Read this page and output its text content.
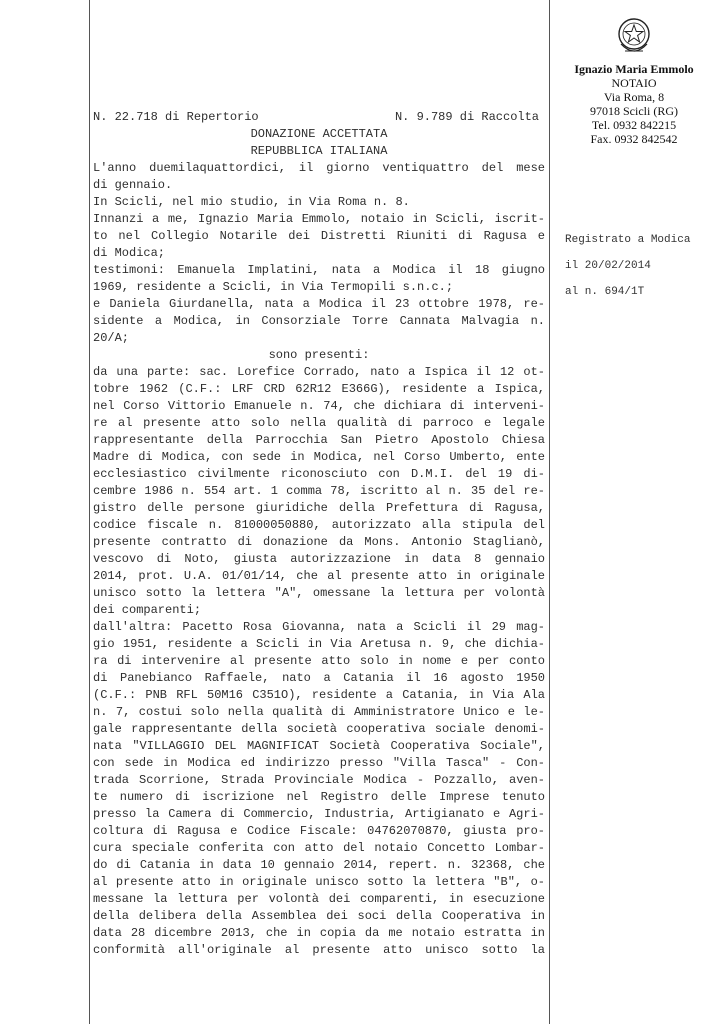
Ignazio Maria Emmolo
NOTAIO
Via Roma, 8
97018 Scicli (RG)
Tel. 0932 842215
Fax. 0932 842542
Registrato a Modica
il 20/02/2014
al n. 694/1T
N. 22.718 di Repertorio	N. 9.789 di Raccolta
DONAZIONE ACCETTATA
REPUBBLICA ITALIANA
L'anno duemilaquattordici, il giorno ventiquattro del mese
di gennaio.
In Scicli, nel mio studio, in Via Roma n. 8.
Innanzi a me, Ignazio Maria Emmolo, notaio in Scicli, iscrit-
to nel Collegio Notarile dei Distretti Riuniti di Ragusa e
di Modica;
testimoni: Emanuela Implatini, nata a Modica il 18 giugno
1969, residente a Scicli, in Via Termopili s.n.c.;
e Daniela Giurdanella, nata a Modica il 23 ottobre 1978, re-
sidente a Modica, in Consorziale Torre Cannata Malvagia n.
20/A;
sono presenti:
da una parte: sac. Lorefice Corrado, nato a Ispica il 12 ot-
tobre 1962 (C.F.: LRF CRD 62R12 E366G), residente a Ispica,
nel Corso Vittorio Emanuele n. 74, che dichiara di interveni-
re al presente atto solo nella qualità di parroco e legale
rappresentante della Parrocchia San Pietro Apostolo Chiesa
Madre di Modica, con sede in Modica, nel Corso Umberto, ente
ecclesiastico civilmente riconosciuto con D.M.I. del 19 di-
cembre 1986 n. 554 art. 1 comma 78, iscritto al n. 35 del re-
gistro delle persone giuridiche della Prefettura di Ragusa,
codice fiscale n. 81000050880, autorizzato alla stipula del
presente contratto di donazione da Mons. Antonio Staglianò,
vescovo di Noto, giusta autorizzazione in data 8 gennaio
2014, prot. U.A. 01/01/14, che al presente atto in originale
unisco sotto la lettera "A", omessane la lettura per volontà
dei comparenti;
dall'altra: Pacetto Rosa Giovanna, nata a Scicli il 29 mag-
gio 1951, residente a Scicli in Via Aretusa n. 9, che dichia-
ra di intervenire al presente atto solo in nome e per conto
di Panebianco Raffaele, nato a Catania il 16 agosto 1950
(C.F.: PNB RFL 50M16 C351O), residente a Catania, in Via Ala
n. 7, costui solo nella qualità di Amministratore Unico e le-
gale rappresentante della società cooperativa sociale denomi-
nata "VILLAGGIO DEL MAGNIFICAT Società Cooperativa Sociale",
con sede in Modica ed indirizzo presso "Villa Tasca" - Con-
trada Scorrione, Strada Provinciale Modica - Pozzallo, aven-
te numero di iscrizione nel Registro delle Imprese tenuto
presso la Camera di Commercio, Industria, Artigianato e Agri-
coltura di Ragusa e Codice Fiscale: 04762070870, giusta pro-
cura speciale conferita con atto del notaio Concetto Lombar-
do di Catania in data 10 gennaio 2014, repert. n. 32368, che
al presente atto in originale unisco sotto la lettera "B", o-
messane la lettura per volontà dei comparenti, in esecuzione
della delibera della Assemblea dei soci della Cooperativa in
data 28 dicembre 2013, che in copia da me notaio estratta in
conformità all'originale al presente atto unisco sotto la
